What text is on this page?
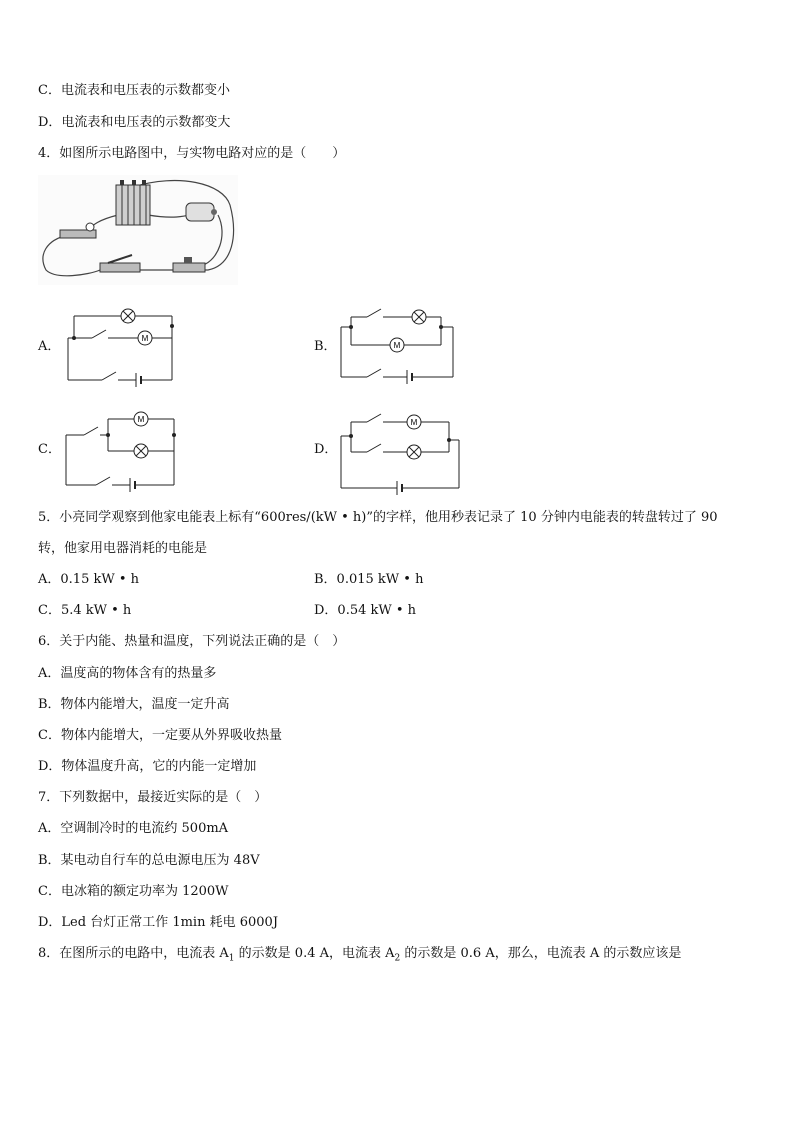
C．电流表和电压表的示数都变小
D．电流表和电压表的示数都变大
4．如图所示电路图中，与实物电路对应的是（　　）
A．
M
B．	M
C．
M
D．
M
5．小亮同学观察到他家电能表上标有“600res/(kW • h)”的字样，他用秒表记录了 10 分钟内电能表的转盘转过了 90
转，他家用电器消耗的电能是
A．0.15 kW • h	B．0.015 kW • h
C．5.4 kW • h	D．0.54 kW • h
6．关于内能、热量和温度，下列说法正确的是（　）
A．温度高的物体含有的热量多
B．物体内能增大，温度一定升高
C．物体内能增大，一定要从外界吸收热量
D．物体温度升高，它的内能一定增加
7．下列数据中，最接近实际的是（　）
A．空调制冷时的电流约 500mA
B．某电动自行车的总电源电压为 48V
C．电冰箱的额定功率为 1200W
D．Led 台灯正常工作 1min 耗电 6000J
8．在图所示的电路中，电流表 $A_1$ 的示数是 0.4 A，电流表 $A_2$ 的示数是 0.6 A，那么，电流表 A 的示数应该是
